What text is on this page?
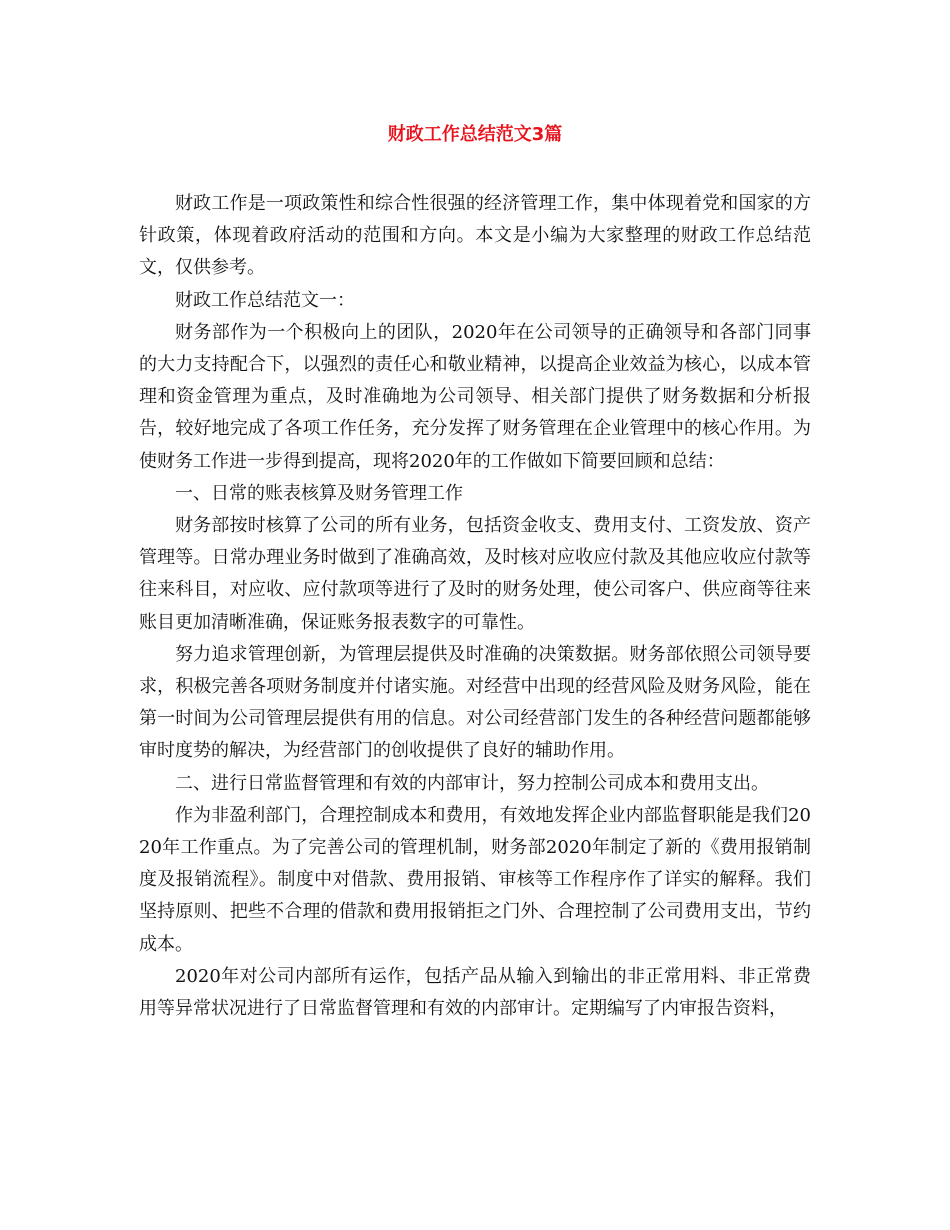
财政工作总结范文3篇

财政工作是一项政策性和综合性很强的经济管理工作，集中体现着党和国家的方针政策，体现着政府活动的范围和方向。本文是小编为大家整理的财政工作总结范文，仅供参考。

财政工作总结范文一：

财务部作为一个积极向上的团队，2020年在公司领导的正确领导和各部门同事的大力支持配合下，以强烈的责任心和敬业精神，以提高企业效益为核心，以成本管理和资金管理为重点，及时准确地为公司领导、相关部门提供了财务数据和分析报告，较好地完成了各项工作任务，充分发挥了财务管理在企业管理中的核心作用。为使财务工作进一步得到提高，现将2020年的工作做如下简要回顾和总结：

一、日常的账表核算及财务管理工作

财务部按时核算了公司的所有业务，包括资金收支、费用支付、工资发放、资产管理等。日常办理业务时做到了准确高效，及时核对应收应付款及其他应收应付款等往来科目，对应收、应付款项等进行了及时的财务处理，使公司客户、供应商等往来账目更加清晰准确，保证账务报表数字的可靠性。

努力追求管理创新，为管理层提供及时准确的决策数据。财务部依照公司领导要求，积极完善各项财务制度并付诸实施。对经营中出现的经营风险及财务风险，能在第一时间为公司管理层提供有用的信息。对公司经营部门发生的各种经营问题都能够审时度势的解决，为经营部门的创收提供了良好的辅助作用。

二、进行日常监督管理和有效的内部审计，努力控制公司成本和费用支出。

作为非盈利部门，合理控制成本和费用，有效地发挥企业内部监督职能是我们2020年工作重点。为了完善公司的管理机制，财务部2020年制定了新的《费用报销制度及报销流程》。制度中对借款、费用报销、审核等工作程序作了详实的解释。我们坚持原则、把些不合理的借款和费用报销拒之门外、合理控制了公司费用支出，节约成本。

2020年对公司内部所有运作，包括产品从输入到输出的非正常用料、非正常费用等异常状况进行了日常监督管理和有效的内部审计。定期编写了内审报告资料，
